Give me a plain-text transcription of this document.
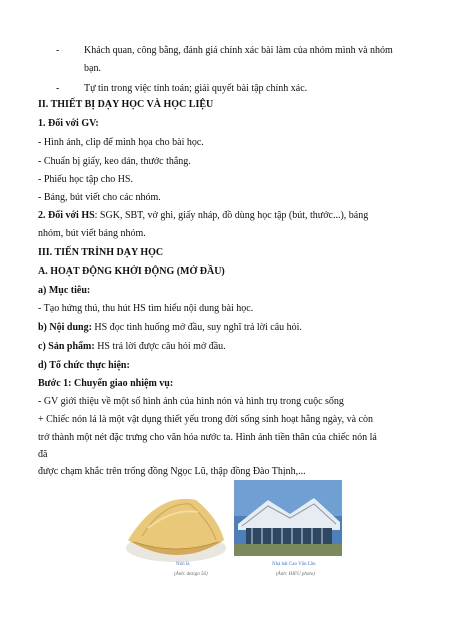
- Khách quan, công bằng, đánh giá chính xác bài làm của nhóm mình và nhóm
bạn.
- Tự tin trong việc tính toán; giải quyết bài tập chính xác.
II. THIẾT BỊ DẠY HỌC VÀ HỌC LIỆU
1. Đối với GV:
- Hình ảnh, clip để minh họa cho bài học.
- Chuẩn bị giấy, keo dán, thước thẳng.
- Phiếu học tập cho HS.
- Bảng, bút viết cho các nhóm.
2. Đối với HS: SGK, SBT, vở ghi, giấy nháp, đồ dùng học tập (bút, thước...), bảng
nhóm, bút viết bảng nhóm.
III. TIẾN TRÌNH DẠY HỌC
A. HOẠT ĐỘNG KHỞI ĐỘNG (MỞ ĐẦU)
a) Mục tiêu:
- Tạo hứng thú, thu hút HS tìm hiểu nội dung bài học.
b) Nội dung: HS đọc tình huống mở đầu, suy nghĩ trả lời câu hỏi.
c) Sản phẩm: HS trả lời được câu hỏi mở đầu.
d) Tổ chức thực hiện:
Bước 1: Chuyển giao nhiệm vụ:
- GV giới thiệu về một số hình ảnh của hình nón và hình trụ trong cuộc sống
+ Chiếc nón lá là một vật dụng thiết yếu trong đời sống sinh hoạt hằng ngày, và còn
trở thành một nét đặc trưng cho văn hóa nước ta. Hình ảnh tiền thân của chiếc nón lá
đã
được chạm khắc trên trống đồng Ngọc Lũ, thập đồng Đào Thịnh,...
Nón lá
(Ảnh: dezign 56)
Nhà hát Cao Văn Lầu
(Ảnh: HIFU photo)
